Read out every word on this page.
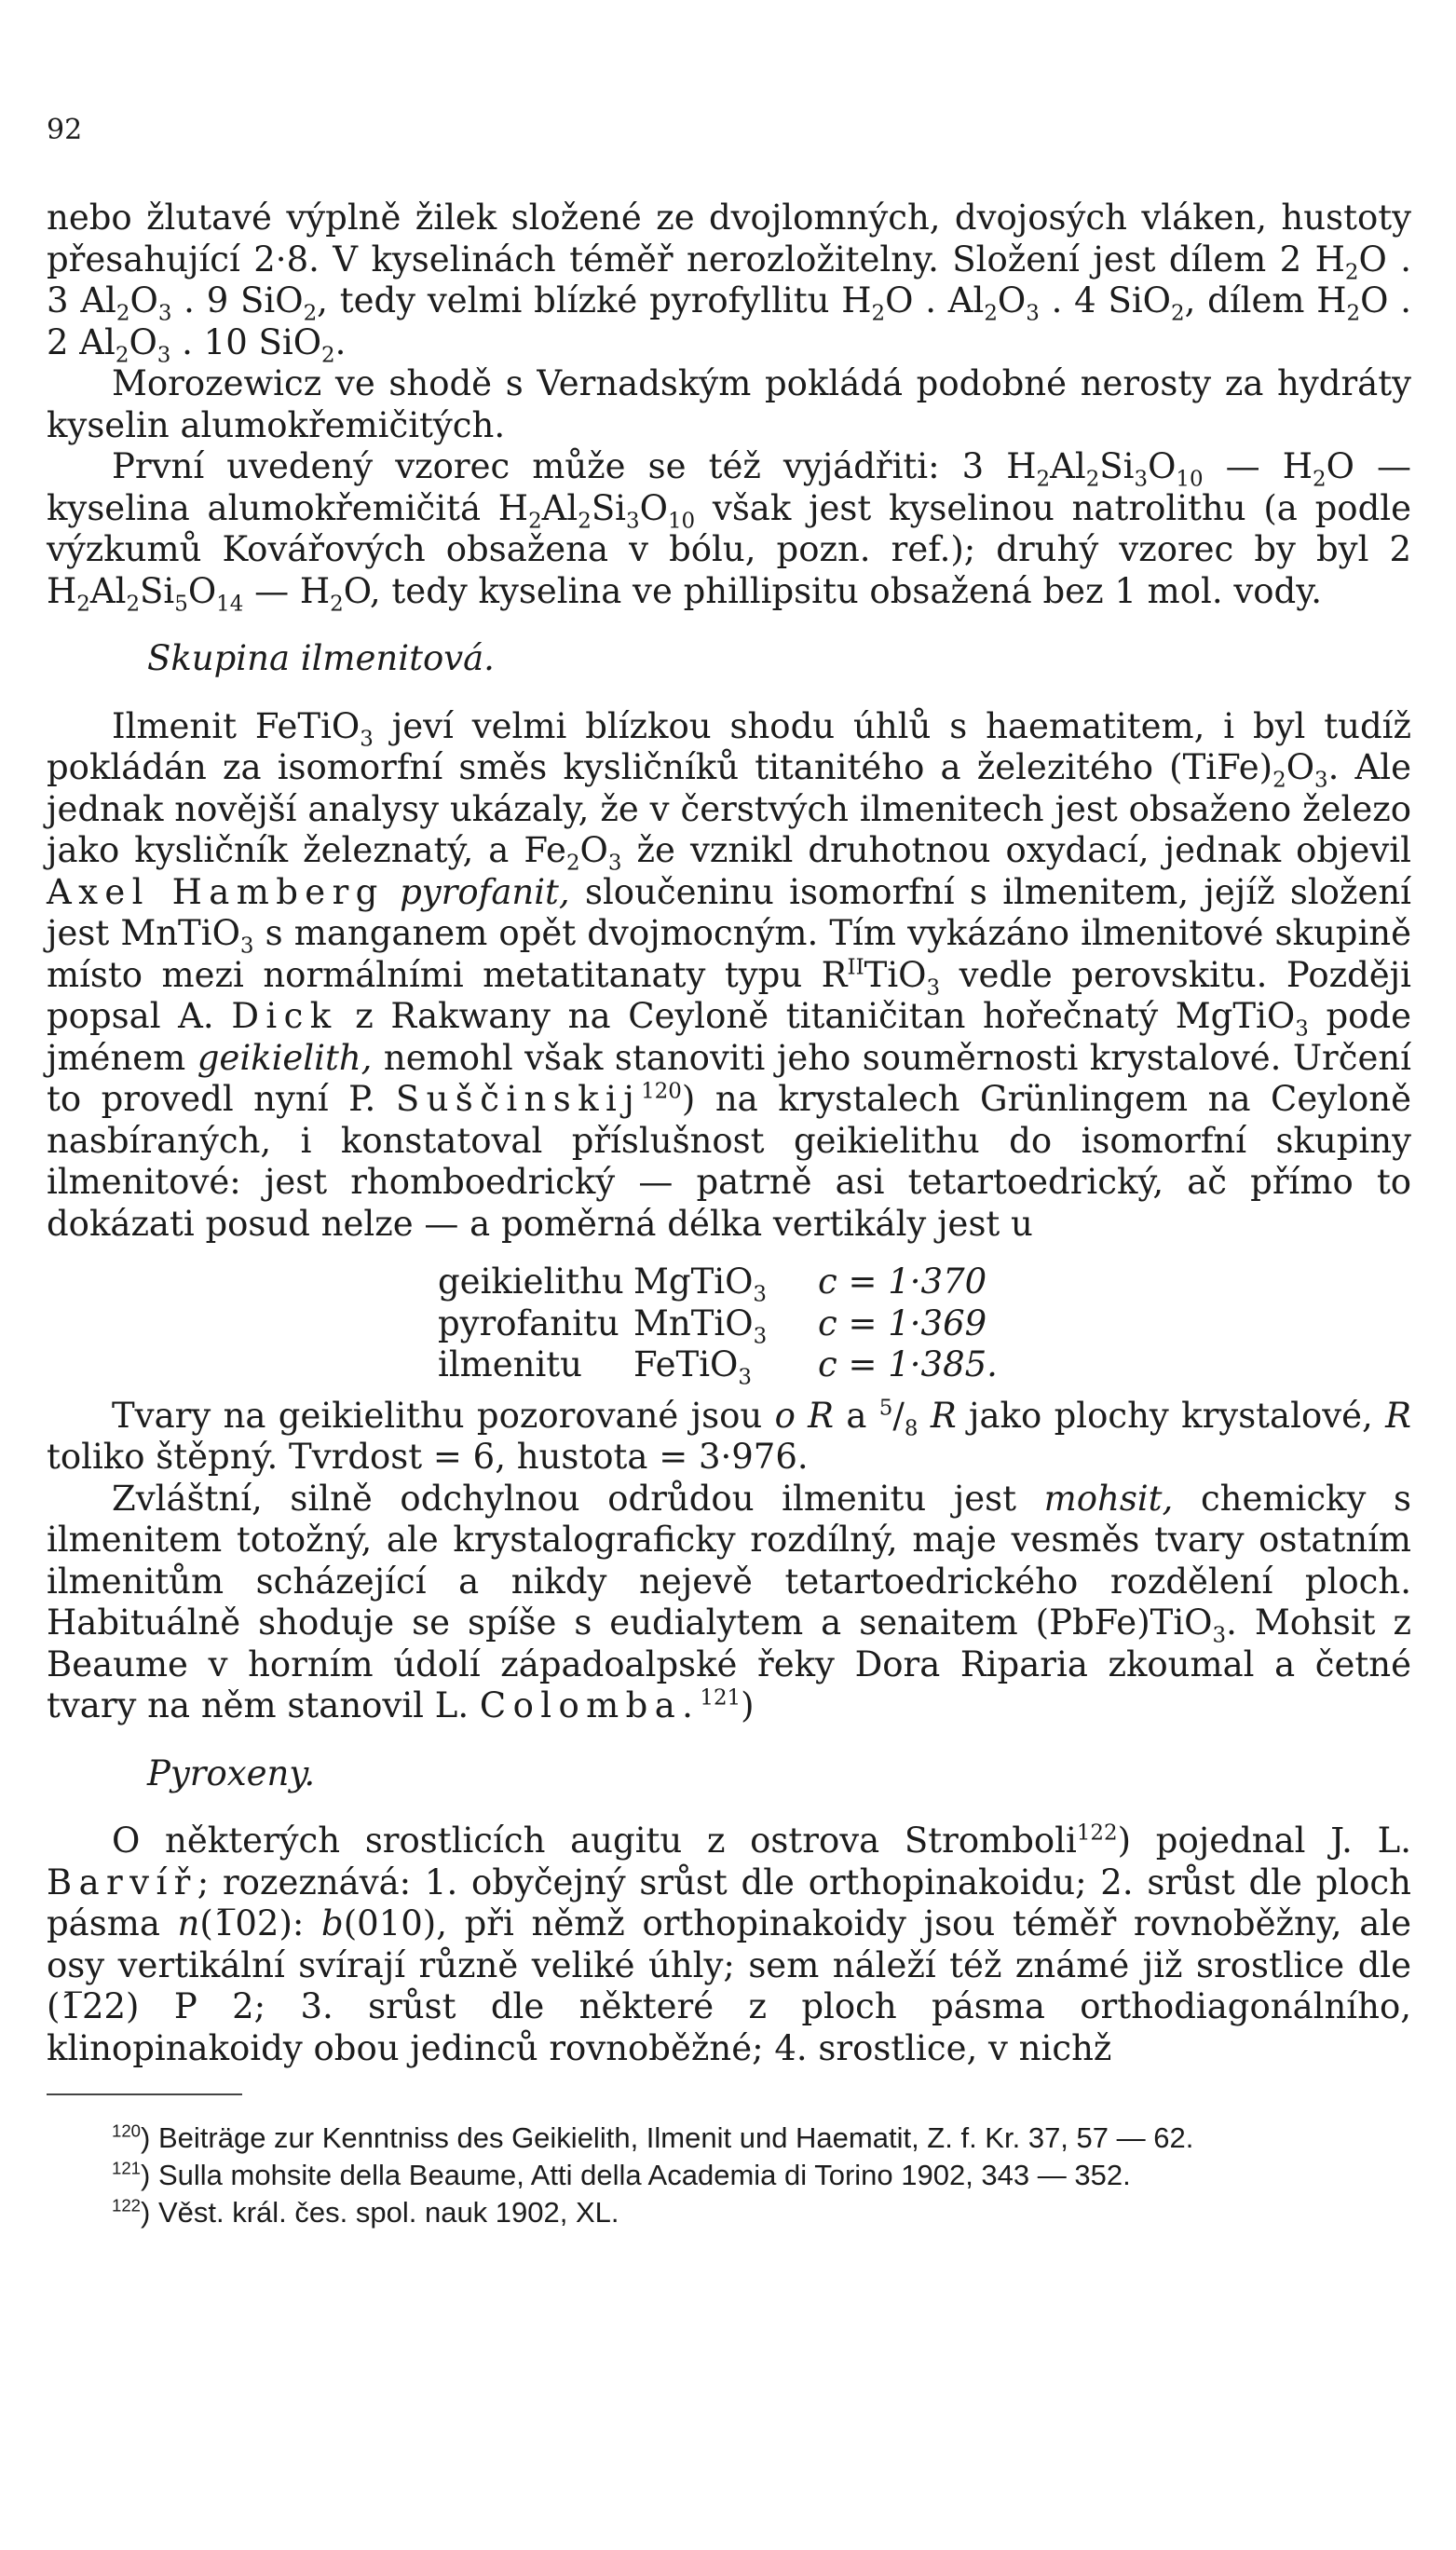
92

nebo žlutavé výplně žilek složené ze dvojlomných, dvojosých vláken, hustoty přesahující 2·8. V kyselinách téměř nerozložitelny. Složení jest dílem 2 $H_2O$ . 3 $Al_2O_3$ . 9 SiO$_2$, tedy velmi blízké pyrofyllitu $H_2O$ . $Al_2O_3$ . 4 SiO$_2$, dílem $H_2O$ . 2 $Al_2O_3$ . 10 SiO$_2$.

Morozewicz ve shodě s Vernadským pokládá podobné nerosty za hydráty kyselin alumokřemičitých.

První uvedený vzorec může se též vyjádřiti: 3 $H_2Al_2Si_3O_{10}$ — $H_2O$ — kyselina alumokřemičitá $H_2Al_2Si_3O_{10}$ však jest kyselinou natrolithu (a podle výzkumů Kovářových obsažena v bólu, pozn. ref.); druhý vzorec by byl 2 $H_2Al_2Si_5O_{14}$ — $H_2O$, tedy kyselina ve phillipsitu obsažená bez 1 mol. vody.

Skupina ilmenitová.

Ilmenit FeTiO$_3$ jeví velmi blízkou shodu úhlů s haematitem, i byl tudíž pokládán za isomorfní směs kysličníků titanitého a železitého $(TiFe)_2O_3$. Ale jednak novější analysy ukázaly, že v čerstvých ilmenitech jest obsaženo železo jako kysličník železnatý, a $Fe_2O_3$ že vznikl druhotnou oxydací, jednak objevil Axel Hamberg pyrofanit, sloučeninu isomorfní s ilmenitem, jejíž složení jest MnTiO$_3$ s manganem opět dvojmocným. Tím vykázáno ilmenitové skupině místo mezi normálními metatitanaty typu $R^{II}TiO_3$ vedle perovskitu. Později popsal A. Dick z Rakwany na Ceyloně titaničitan hořečnatý MgTiO$_3$ pode jménem geikielith, nemohl však stanoviti jeho souměrnosti krystalové. Určení to provedl nyní P. Suščinskij$^{120}$) na krystalech Grünlingem na Ceyloně nasbíraných, i konstatoval příslušnost geikielithu do isomorfní skupiny ilmenitové: jest rhomboedrický — patrně asi tetartoedrický, ač přímo to dokázati posud nelze — a poměrná délka vertikály jest u

geikielithu MgTiO$_3$	c = 1·370
pyrofanitu MnTiO$_3$	c = 1·369
ilmenitu	FeTiO$_3$	c = 1·385.

Tvary na geikielithu pozorované jsou o R a $^5/_8$ R jako plochy krystalové, R toliko štěpný. Tvrdost = 6, hustota = 3·976.

Zvláštní, silně odchylnou odrůdou ilmenitu jest mohsit, chemicky s ilmenitem totožný, ale krystalograficky rozdílný, maje vesměs tvary ostatním ilmenitům scházející a nikdy nejevě tetartoedrického rozdělení ploch. Habituálně shoduje se spíše s eudialytem a senaitem (PbFe)TiO$_3$. Mohsit z Beaume v horním údolí západoalpské řeky Dora Riparia zkoumal a četné tvary na něm stanovil L. Colomba.$^{121}$)

Pyroxeny.

O některých srostlicích augitu z ostrova Stromboli$^{122}$) pojednal J. L. Barvíř; rozeznává: 1. obyčejný srůst dle orthopinakoidu; 2. srůst dle ploch pásma n(1̅02): b(010), při němž orthopinakoidy jsou téměř rovnoběžny, ale osy vertikální svírají různě veliké úhly; sem náleží též známé již srostlice dle (1̅22) P 2; 3. srůst dle některé z ploch pásma orthodiagonálního, klinopinakoidy obou jedinců rovnoběžné; 4. srostlice, v nichž

$^{120}$) Beiträge zur Kenntniss des Geikielith, Ilmenit und Haematit, Z. f. Kr. 37, 57 — 62.

$^{121}$) Sulla mohsite della Beaume, Atti della Academia di Torino 1902, 343 — 352.

$^{122}$) Věst. král. čes. spol. nauk 1902, XL.
